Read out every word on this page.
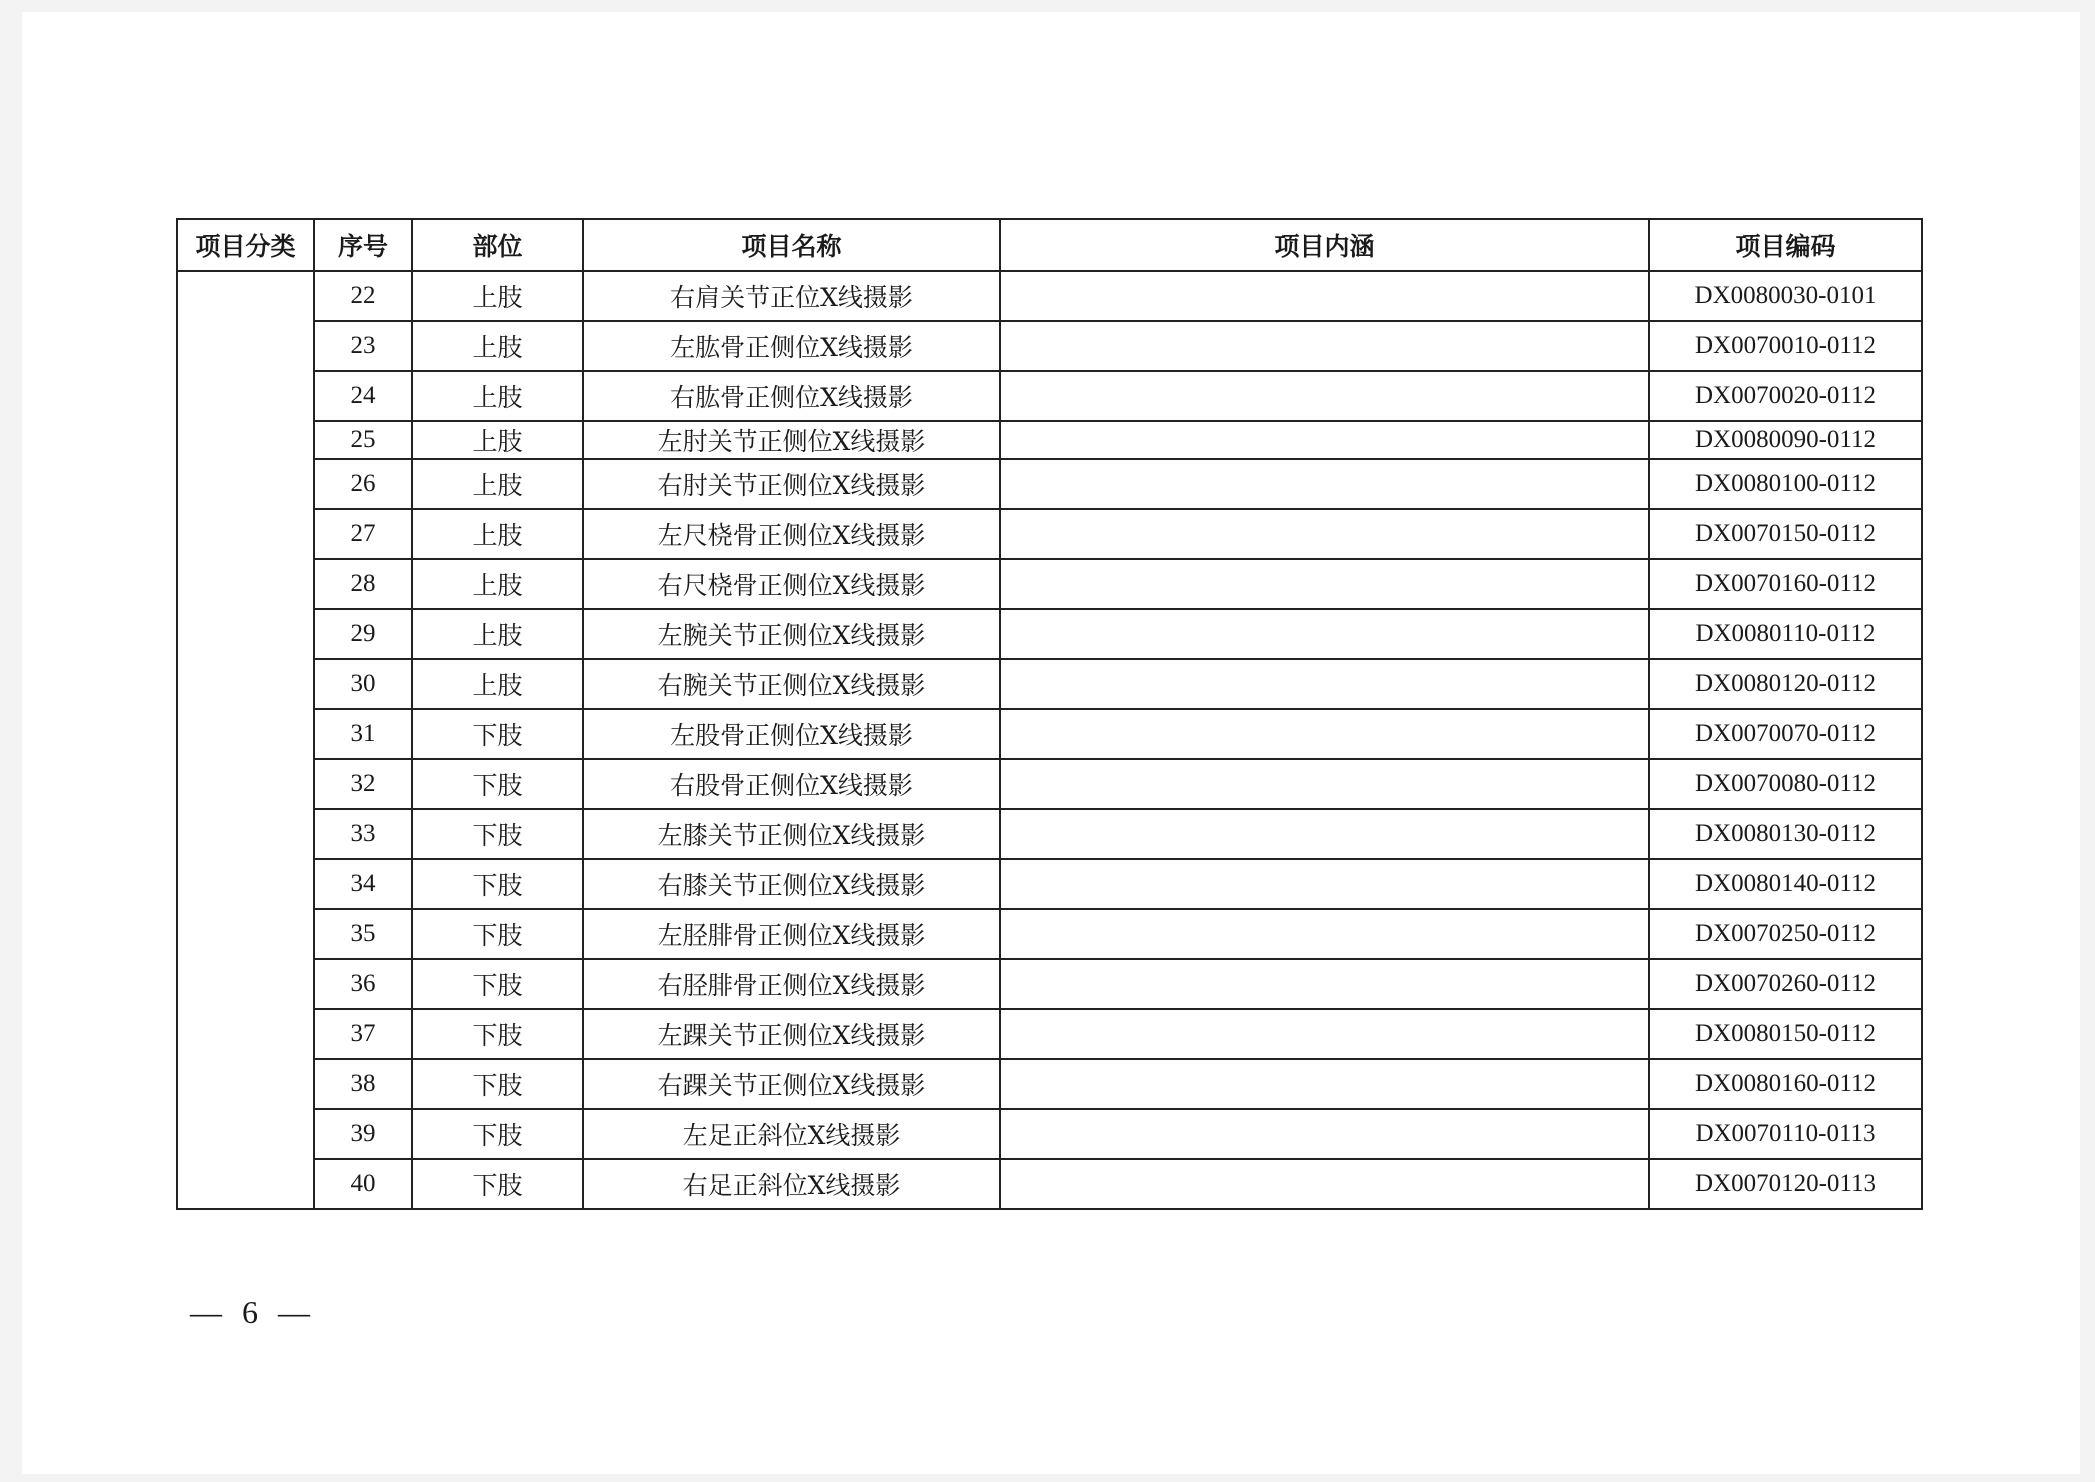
项目分类	序号	部位	项目名称	项目内涵	项目编码
	22	上肢	右肩关节正位X线摄影		DX0080030-0101
	23	上肢	左肱骨正侧位X线摄影		DX0070010-0112
	24	上肢	右肱骨正侧位X线摄影		DX0070020-0112
	25	上肢	左肘关节正侧位X线摄影		DX0080090-0112
	26	上肢	右肘关节正侧位X线摄影		DX0080100-0112
	27	上肢	左尺桡骨正侧位X线摄影		DX0070150-0112
	28	上肢	右尺桡骨正侧位X线摄影		DX0070160-0112
	29	上肢	左腕关节正侧位X线摄影		DX0080110-0112
	30	上肢	右腕关节正侧位X线摄影		DX0080120-0112
	31	下肢	左股骨正侧位X线摄影		DX0070070-0112
	32	下肢	右股骨正侧位X线摄影		DX0070080-0112
	33	下肢	左膝关节正侧位X线摄影		DX0080130-0112
	34	下肢	右膝关节正侧位X线摄影		DX0080140-0112
	35	下肢	左胫腓骨正侧位X线摄影		DX0070250-0112
	36	下肢	右胫腓骨正侧位X线摄影		DX0070260-0112
	37	下肢	左踝关节正侧位X线摄影		DX0080150-0112
	38	下肢	右踝关节正侧位X线摄影		DX0080160-0112
	39	下肢	左足正斜位X线摄影		DX0070110-0113
	40	下肢	右足正斜位X线摄影		DX0070120-0113
— 6 —
